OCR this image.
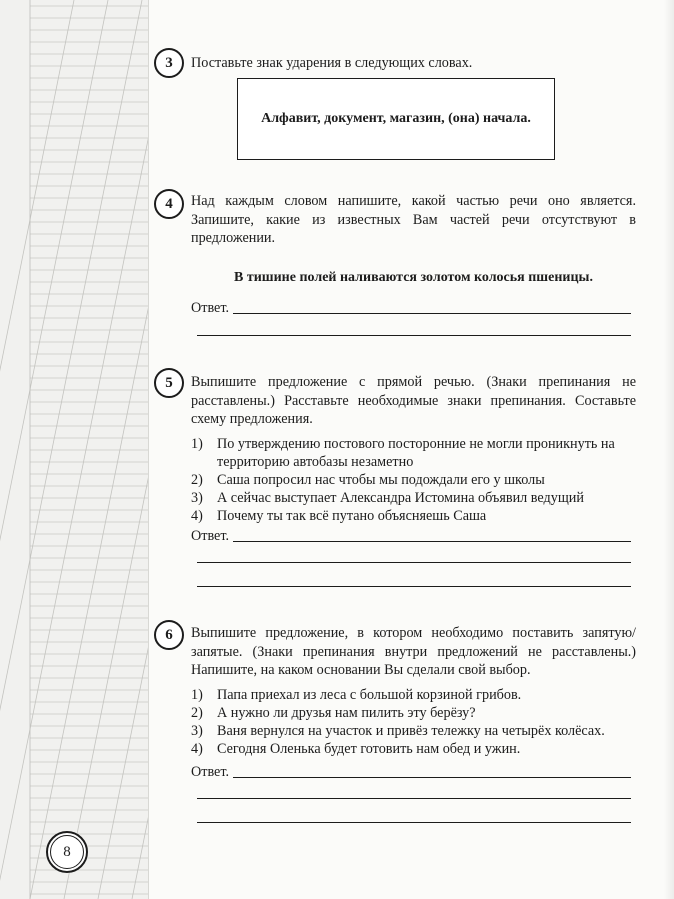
3	Поставьте знак ударения в следующих словах.
Алфавит, документ, магазин, (она) начала.
4	Над каждым словом напишите, какой частью речи оно является. Запишите, какие из известных Вам частей речи отсутствуют в предложении.
В тишине полей наливаются золотом колосья пшеницы.
Ответ.
5	Выпишите предложение с прямой речью. (Знаки препинания не расставлены.) Расставьте необходимые знаки препинания. Составьте схему предложения.
1) По утверждению постового посторонние не могли проникнуть на территорию автобазы незаметно
2) Саша попросил нас чтобы мы подождали его у школы
3) А сейчас выступает Александра Истомина объявил ведущий
4) Почему ты так всё путано объясняешь Саша
Ответ.
6	Выпишите предложение, в котором необходимо поставить запятую/запятые. (Знаки препинания внутри предложений не расставлены.) Напишите, на каком основании Вы сделали свой выбор.
1) Папа приехал из леса с большой корзиной грибов.
2) А нужно ли друзья нам пилить эту берёзу?
3) Ваня вернулся на участок и привёз тележку на четырёх колёсах.
4) Сегодня Оленька будет готовить нам обед и ужин.
Ответ.
8
